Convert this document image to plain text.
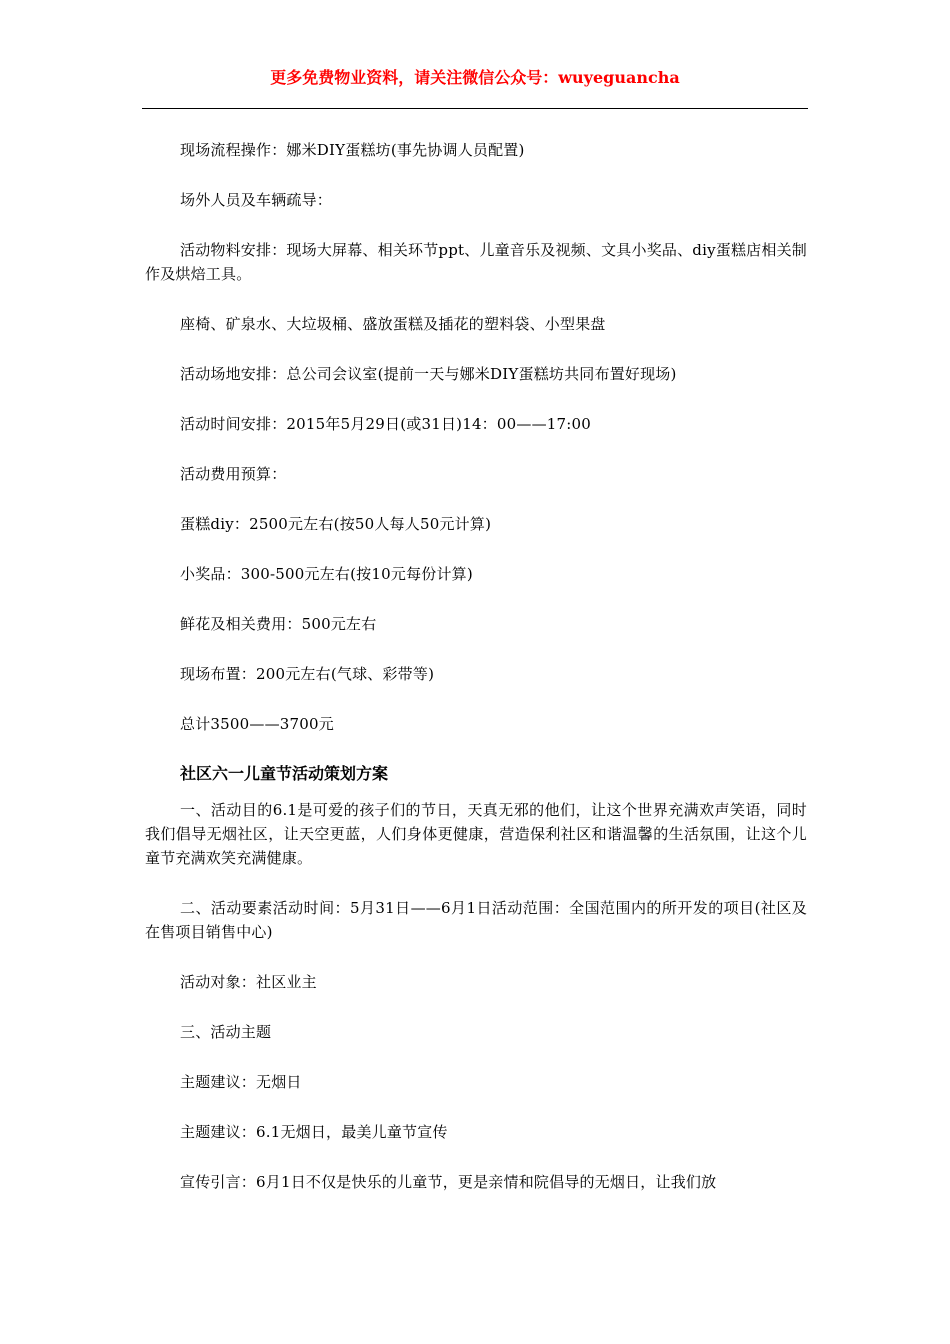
更多免费物业资料，请关注微信公众号：wuyeguancha

现场流程操作：娜米DIY蛋糕坊(事先协调人员配置)

场外人员及车辆疏导：

活动物料安排：现场大屏幕、相关环节ppt、儿童音乐及视频、文具小奖品、diy蛋糕店相关制作及烘焙工具。

座椅、矿泉水、大垃圾桶、盛放蛋糕及插花的塑料袋、小型果盘

活动场地安排：总公司会议室(提前一天与娜米DIY蛋糕坊共同布置好现场)

活动时间安排：2015年5月29日(或31日)14：00——17:00

活动费用预算：

蛋糕diy：2500元左右(按50人每人50元计算)

小奖品：300-500元左右(按10元每份计算)

鲜花及相关费用：500元左右

现场布置：200元左右(气球、彩带等)

总计3500——3700元

社区六一儿童节活动策划方案

一、活动目的6.1是可爱的孩子们的节日，天真无邪的他们，让这个世界充满欢声笑语，同时我们倡导无烟社区，让天空更蓝，人们身体更健康，营造保利社区和谐温馨的生活氛围，让这个儿童节充满欢笑充满健康。

二、活动要素活动时间：5月31日——6月1日活动范围：全国范围内的所开发的项目(社区及在售项目销售中心)

活动对象：社区业主

三、活动主题

主题建议：无烟日

主题建议：6.1无烟日，最美儿童节宣传

宣传引言：6月1日不仅是快乐的儿童节，更是亲情和院倡导的无烟日，让我们放
